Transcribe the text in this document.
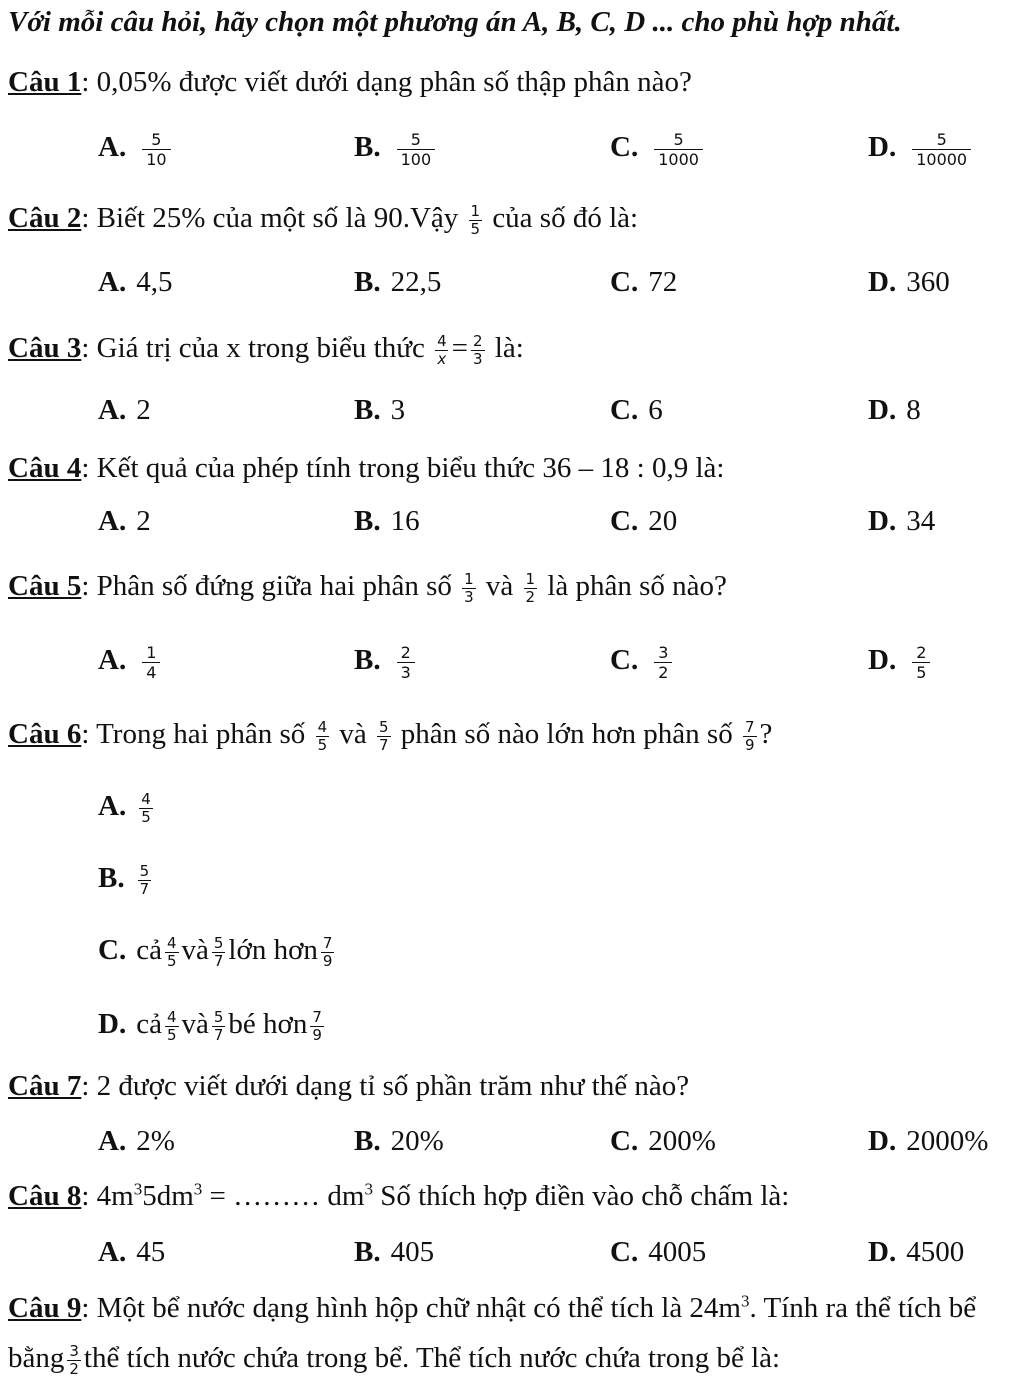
Với mỗi câu hỏi, hãy chọn một phương án A, B, C, D ... cho phù hợp nhất.
Câu 1: 0,05% được viết dưới dạng phân số thập phân nào?
A. $\frac{5}{10}$	B. $\frac{5}{100}$	C. $\frac{5}{1000}$	D. $\frac{5}{10000}$
Câu 2: Biết 25% của một số là 90.Vậy $\frac{1}{5}$ của số đó là:
A. 4,5	B. 22,5	C. 72	D. 360
Câu 3: Giá trị của x trong biểu thức $\frac{4}{x} = \frac{2}{3}$ là:
A. 2	B. 3	C. 6	D. 8
Câu 4: Kết quả của phép tính trong biểu thức 36 – 18 : 0,9 là:
A. 2	B. 16	C. 20	D. 34
Câu 5: Phân số đứng giữa hai phân số $\frac{1}{3}$ và $\frac{1}{2}$ là phân số nào?
A. $\frac{1}{4}$	B. $\frac{2}{3}$	C. $\frac{3}{2}$	D. $\frac{2}{5}$
Câu 6: Trong hai phân số $\frac{4}{5}$ và $\frac{5}{7}$ phân số nào lớn hơn phân số $\frac{7}{9}$ ?
A. $\frac{4}{5}$
B. $\frac{5}{7}$
C. cả $\frac{4}{5}$ và $\frac{5}{7}$ lớn hơn $\frac{7}{9}$
D. cả $\frac{4}{5}$ và $\frac{5}{7}$ bé hơn $\frac{7}{9}$
Câu 7: 2 được viết dưới dạng tỉ số phần trăm như thế nào?
A. 2%	B. 20%	C. 200%	D. 2000%
Câu 8: $4m^35dm^3$ = ……… $dm^3$ Số thích hợp điền vào chỗ chấm là:
A. 45	B. 405	C. 4005	D. 4500
Câu 9: Một bể nước dạng hình hộp chữ nhật có thể tích là $24m^3$. Tính ra thể tích bể
bằng $\frac{3}{2}$ thể tích nước chứa trong bể. Thể tích nước chứa trong bể là:
